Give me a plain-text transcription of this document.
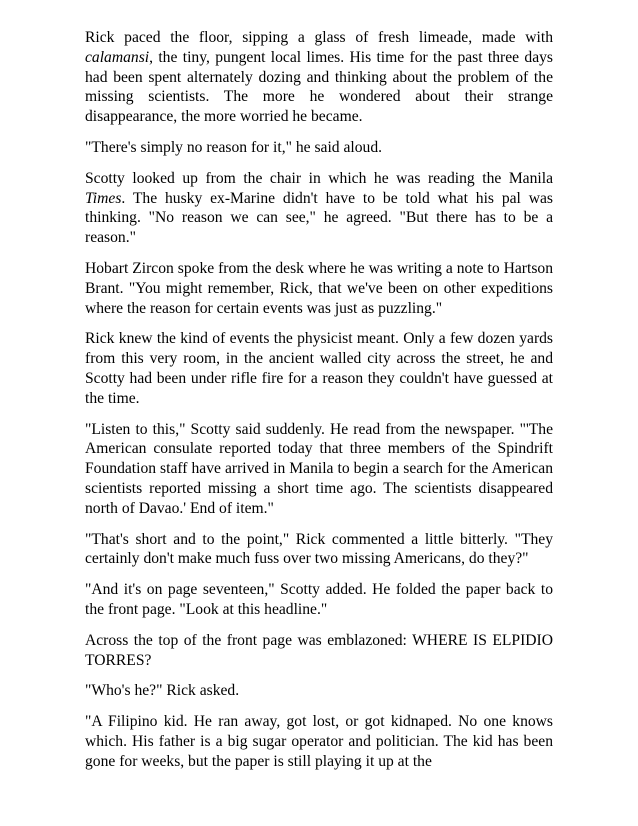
Rick paced the floor, sipping a glass of fresh limeade, made with calamansi, the tiny, pungent local limes. His time for the past three days had been spent alternately dozing and thinking about the problem of the missing scientists. The more he wondered about their strange disappearance, the more worried he became.

"There's simply no reason for it," he said aloud.

Scotty looked up from the chair in which he was reading the Manila Times. The husky ex-Marine didn't have to be told what his pal was thinking. "No reason we can see," he agreed. "But there has to be a reason."

Hobart Zircon spoke from the desk where he was writing a note to Hartson Brant. "You might remember, Rick, that we've been on other expeditions where the reason for certain events was just as puzzling."

Rick knew the kind of events the physicist meant. Only a few dozen yards from this very room, in the ancient walled city across the street, he and Scotty had been under rifle fire for a reason they couldn't have guessed at the time.

"Listen to this," Scotty said suddenly. He read from the newspaper. "'The American consulate reported today that three members of the Spindrift Foundation staff have arrived in Manila to begin a search for the American scientists reported missing a short time ago. The scientists disappeared north of Davao.' End of item."

"That's short and to the point," Rick commented a little bitterly. "They certainly don't make much fuss over two missing Americans, do they?"

"And it's on page seventeen," Scotty added. He folded the paper back to the front page. "Look at this headline."

Across the top of the front page was emblazoned: WHERE IS ELPIDIO TORRES?

"Who's he?" Rick asked.

"A Filipino kid. He ran away, got lost, or got kidnaped. No one knows which. His father is a big sugar operator and politician. The kid has been gone for weeks, but the paper is still playing it up at the
